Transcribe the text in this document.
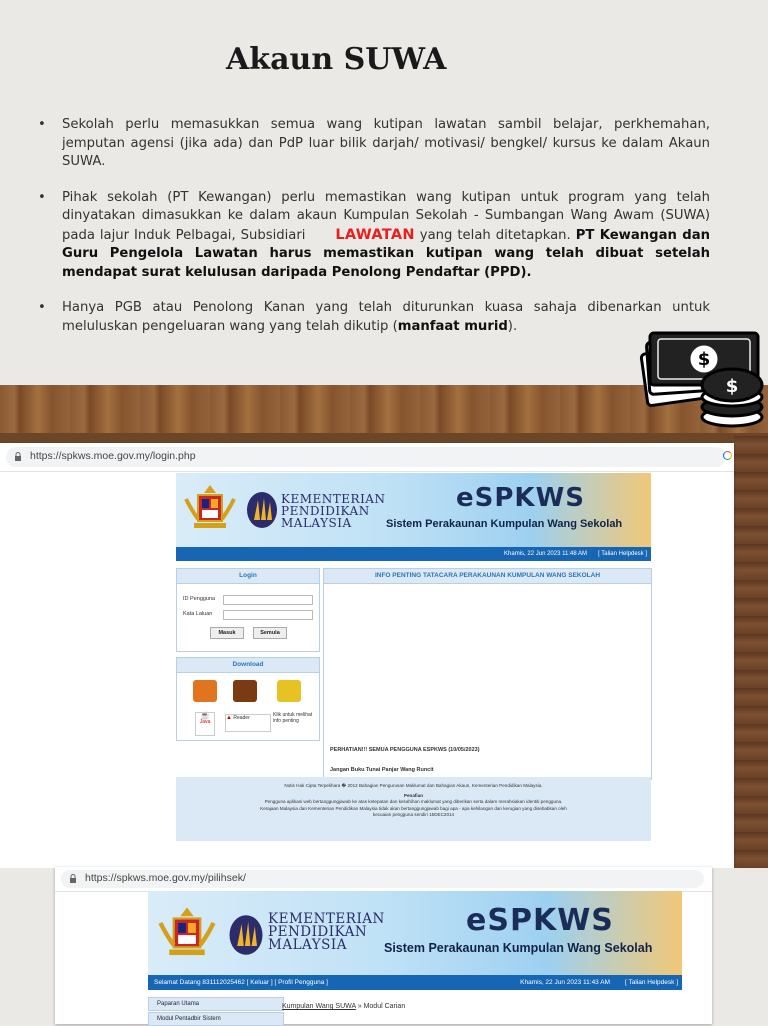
Akaun SUWA
• Sekolah perlu memasukkan semua wang kutipan lawatan sambil belajar, perkhemahan, jemputan agensi (jika ada) dan PdP luar bilik darjah/ motivasi/ bengkel/ kursus ke dalam Akaun SUWA.
• Pihak sekolah (PT Kewangan) perlu memastikan wang kutipan untuk program yang telah dinyatakan dimasukkan ke dalam akaun Kumpulan Sekolah - Sumbangan Wang Awam (SUWA) pada lajur Induk Pelbagai, Subsidiari LAWATAN yang telah ditetapkan. PT Kewangan dan Guru Pengelola Lawatan harus memastikan kutipan wang telah dibuat setelah mendapat surat kelulusan daripada Penolong Pendaftar (PPD).
• Hanya PGB atau Penolong Kanan yang telah diturunkan kuasa sahaja dibenarkan untuk meluluskan pengeluaran wang yang telah dikutip (manfaat murid).
$
$
https://spkws.moe.gov.my/login.php
KEMENTERIAN
PENDIDIKAN
MALAYSIA
eSPKWS
Sistem Perakaunan Kumpulan Wang Sekolah
Khamis, 22 Jun 2023 11:48 AM [ Talian Helpdesk ]
Login
ID Pengguna
Kata Laluan
Masuk	Semula
Download
☕
Java
▲ Reader	Klik untuk melihat info penting
INFO PENTING TATACARA PERAKAUNAN KUMPULAN WANG SEKOLAH
PERHATIAN!!! SEMUA PENGGUNA ESPKWS (10/05/2023)
Jangan Buku Tunai Panjar Wang Runcit
Notis Hak Cipta Terpelihara � 2012 Bahagian Pengurusan Maklumat dan Bahagian Akaun, Kementerian Pendidikan Malaysia.
Penafian
Pengguna aplikasi web bertanggungjawab ke atas ketepatan dan kesahihan maklumat yang diberikan serta dalam merahsiakan identiti pengguna.
Kerajaan Malaysia dan Kementerian Pendidikan Malaysia tidak akan bertanggungjawab bagi apa - apa kehilangan dan kerugian yang disebabkan oleh
kecuaian pengguna sendiri 15DEC2014
https://spkws.moe.gov.my/pilihsek/
KEMENTERIAN
PENDIDIKAN
MALAYSIA
eSPKWS
Sistem Perakaunan Kumpulan Wang Sekolah
Selamat Datang 831112025462 [ Keluar ] [ Profil Pengguna ]	Khamis, 22 Jun 2023 11:43 AM [ Talian Helpdesk ]
Paparan Utama
Modul Pentadbir Sistem
Kumpulan Wang SUWA » Modul Carian
